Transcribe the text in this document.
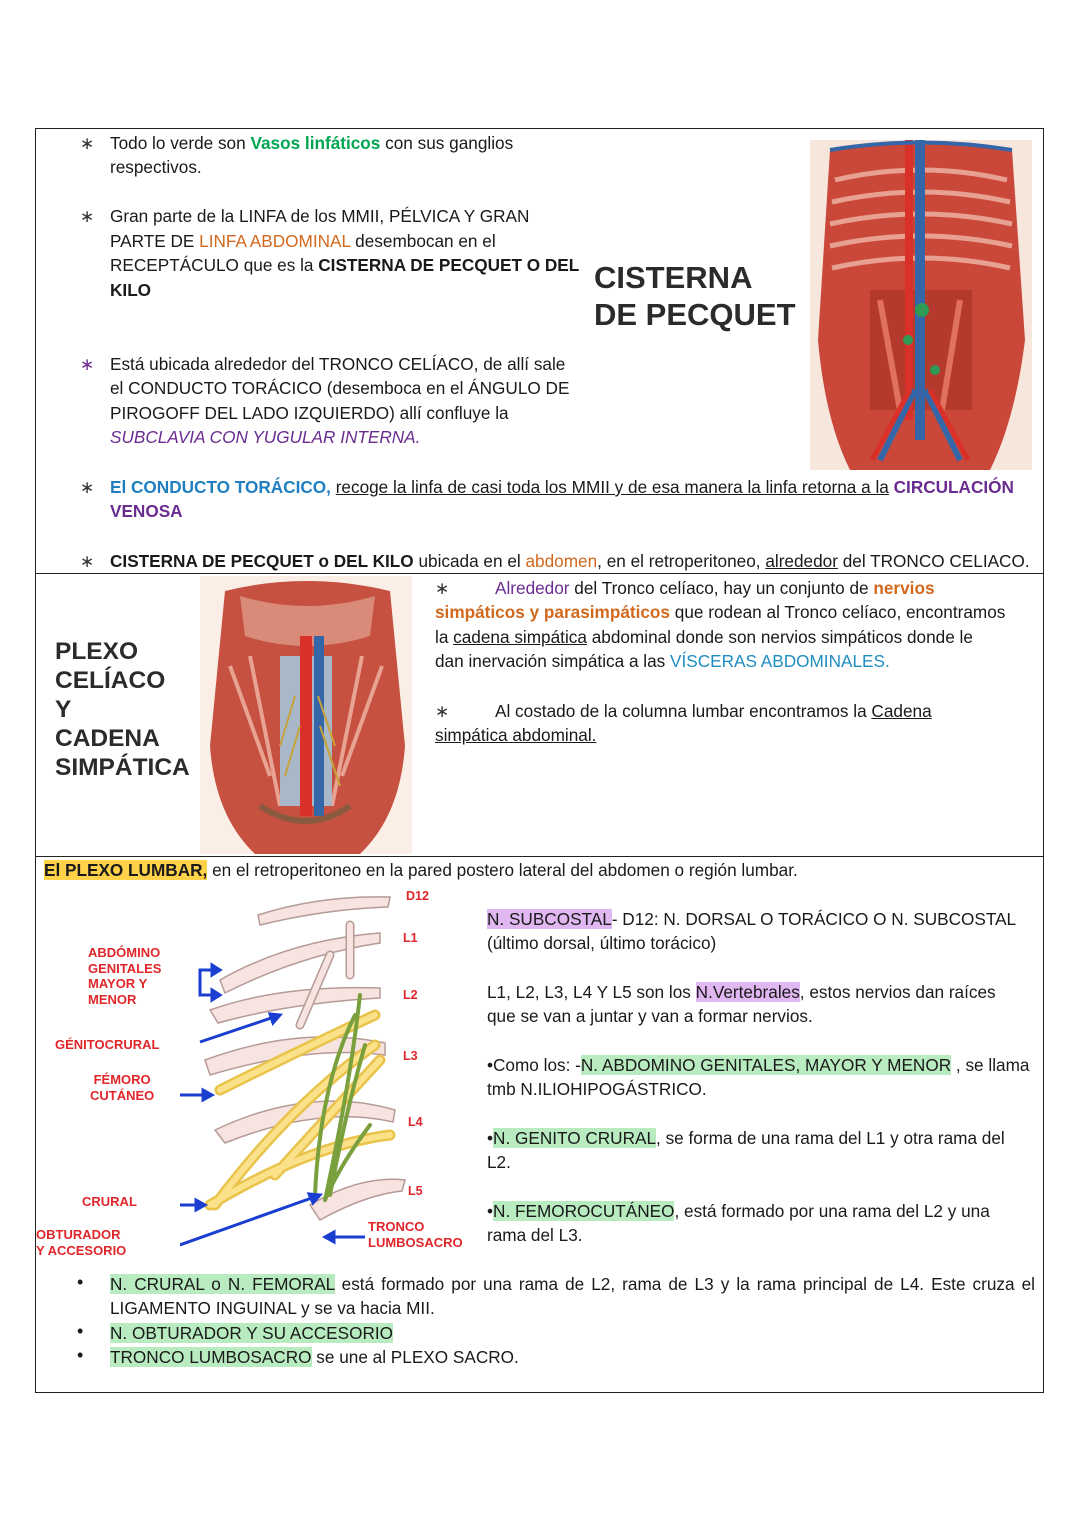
∗ Todo lo verde son Vasos linfáticos con sus ganglios
respectivos.
∗ Gran parte de la LINFA de los MMII, PÉLVICA Y GRAN
PARTE DE LINFA ABDOMINAL desembocan en el
RECEPTÁCULO que es la CISTERNA DE PECQUET O DEL
KILO	CISTERNA
DE PECQUET
∗ Está ubicada alrededor del TRONCO CELÍACO, de allí sale
el CONDUCTO TORÁCICO (desemboca en el ÁNGULO DE
PIROGOFF DEL LADO IZQUIERDO) allí confluye la
SUBCLAVIA CON YUGULAR INTERNA.
∗ El CONDUCTO TORÁCICO, recoge la linfa de casi toda los MMII y de esa manera la linfa retorna a la CIRCULACIÓN
VENOSA
∗ CISTERNA DE PECQUET o DEL KILO ubicada en el abdomen, en el retroperitoneo, alrededor del TRONCO CELIACO.
PLEXO
CELÍACO
Y
CADENA
SIMPÁTICA
∗	Alrededor del Tronco celíaco, hay un conjunto de nervios
simpáticos y parasimpáticos que rodean al Tronco celíaco, encontramos
la cadena simpática abdominal donde son nervios simpáticos donde le
dan inervación simpática a las VÍSCERAS ABDOMINALES.
∗	Al costado de la columna lumbar encontramos la Cadena
simpática abdominal.
El PLEXO LUMBAR, en el retroperitoneo en la pared postero lateral del abdomen o región lumbar.
D12
L1
L2
L3
L4
L5
ABDÓMINO
GENITALES
MAYOR Y
MENOR
GÉNITOCRURAL
FÉMORO
CUTÁNEO
CRURAL
OBTURADOR
Y ACCESORIO
TRONCO
LUMBOSACRO
N. SUBCOSTAL- D12: N. DORSAL O TORÁCICO O N. SUBCOSTAL
(último dorsal, último torácico)
L1, L2, L3, L4 Y L5 son los N.Vertebrales, estos nervios dan raíces
que se van a juntar y van a formar nervios.
•Como los: -N. ABDOMINO GENITALES, MAYOR Y MENOR , se llama
tmb N.ILIOHIPOGÁSTRICO.
•N. GENITO CRURAL, se forma de una rama del L1 y otra rama del
L2.
•N. FEMOROCUTÁNEO, está formado por una rama del L2 y una
rama del L3.
• N. CRURAL o N. FEMORAL está formado por una rama de L2, rama de L3 y la rama principal de L4. Este cruza el
LIGAMENTO INGUINAL y se va hacia MII.
• N. OBTURADOR Y SU ACCESORIO
• TRONCO LUMBOSACRO se une al PLEXO SACRO.
